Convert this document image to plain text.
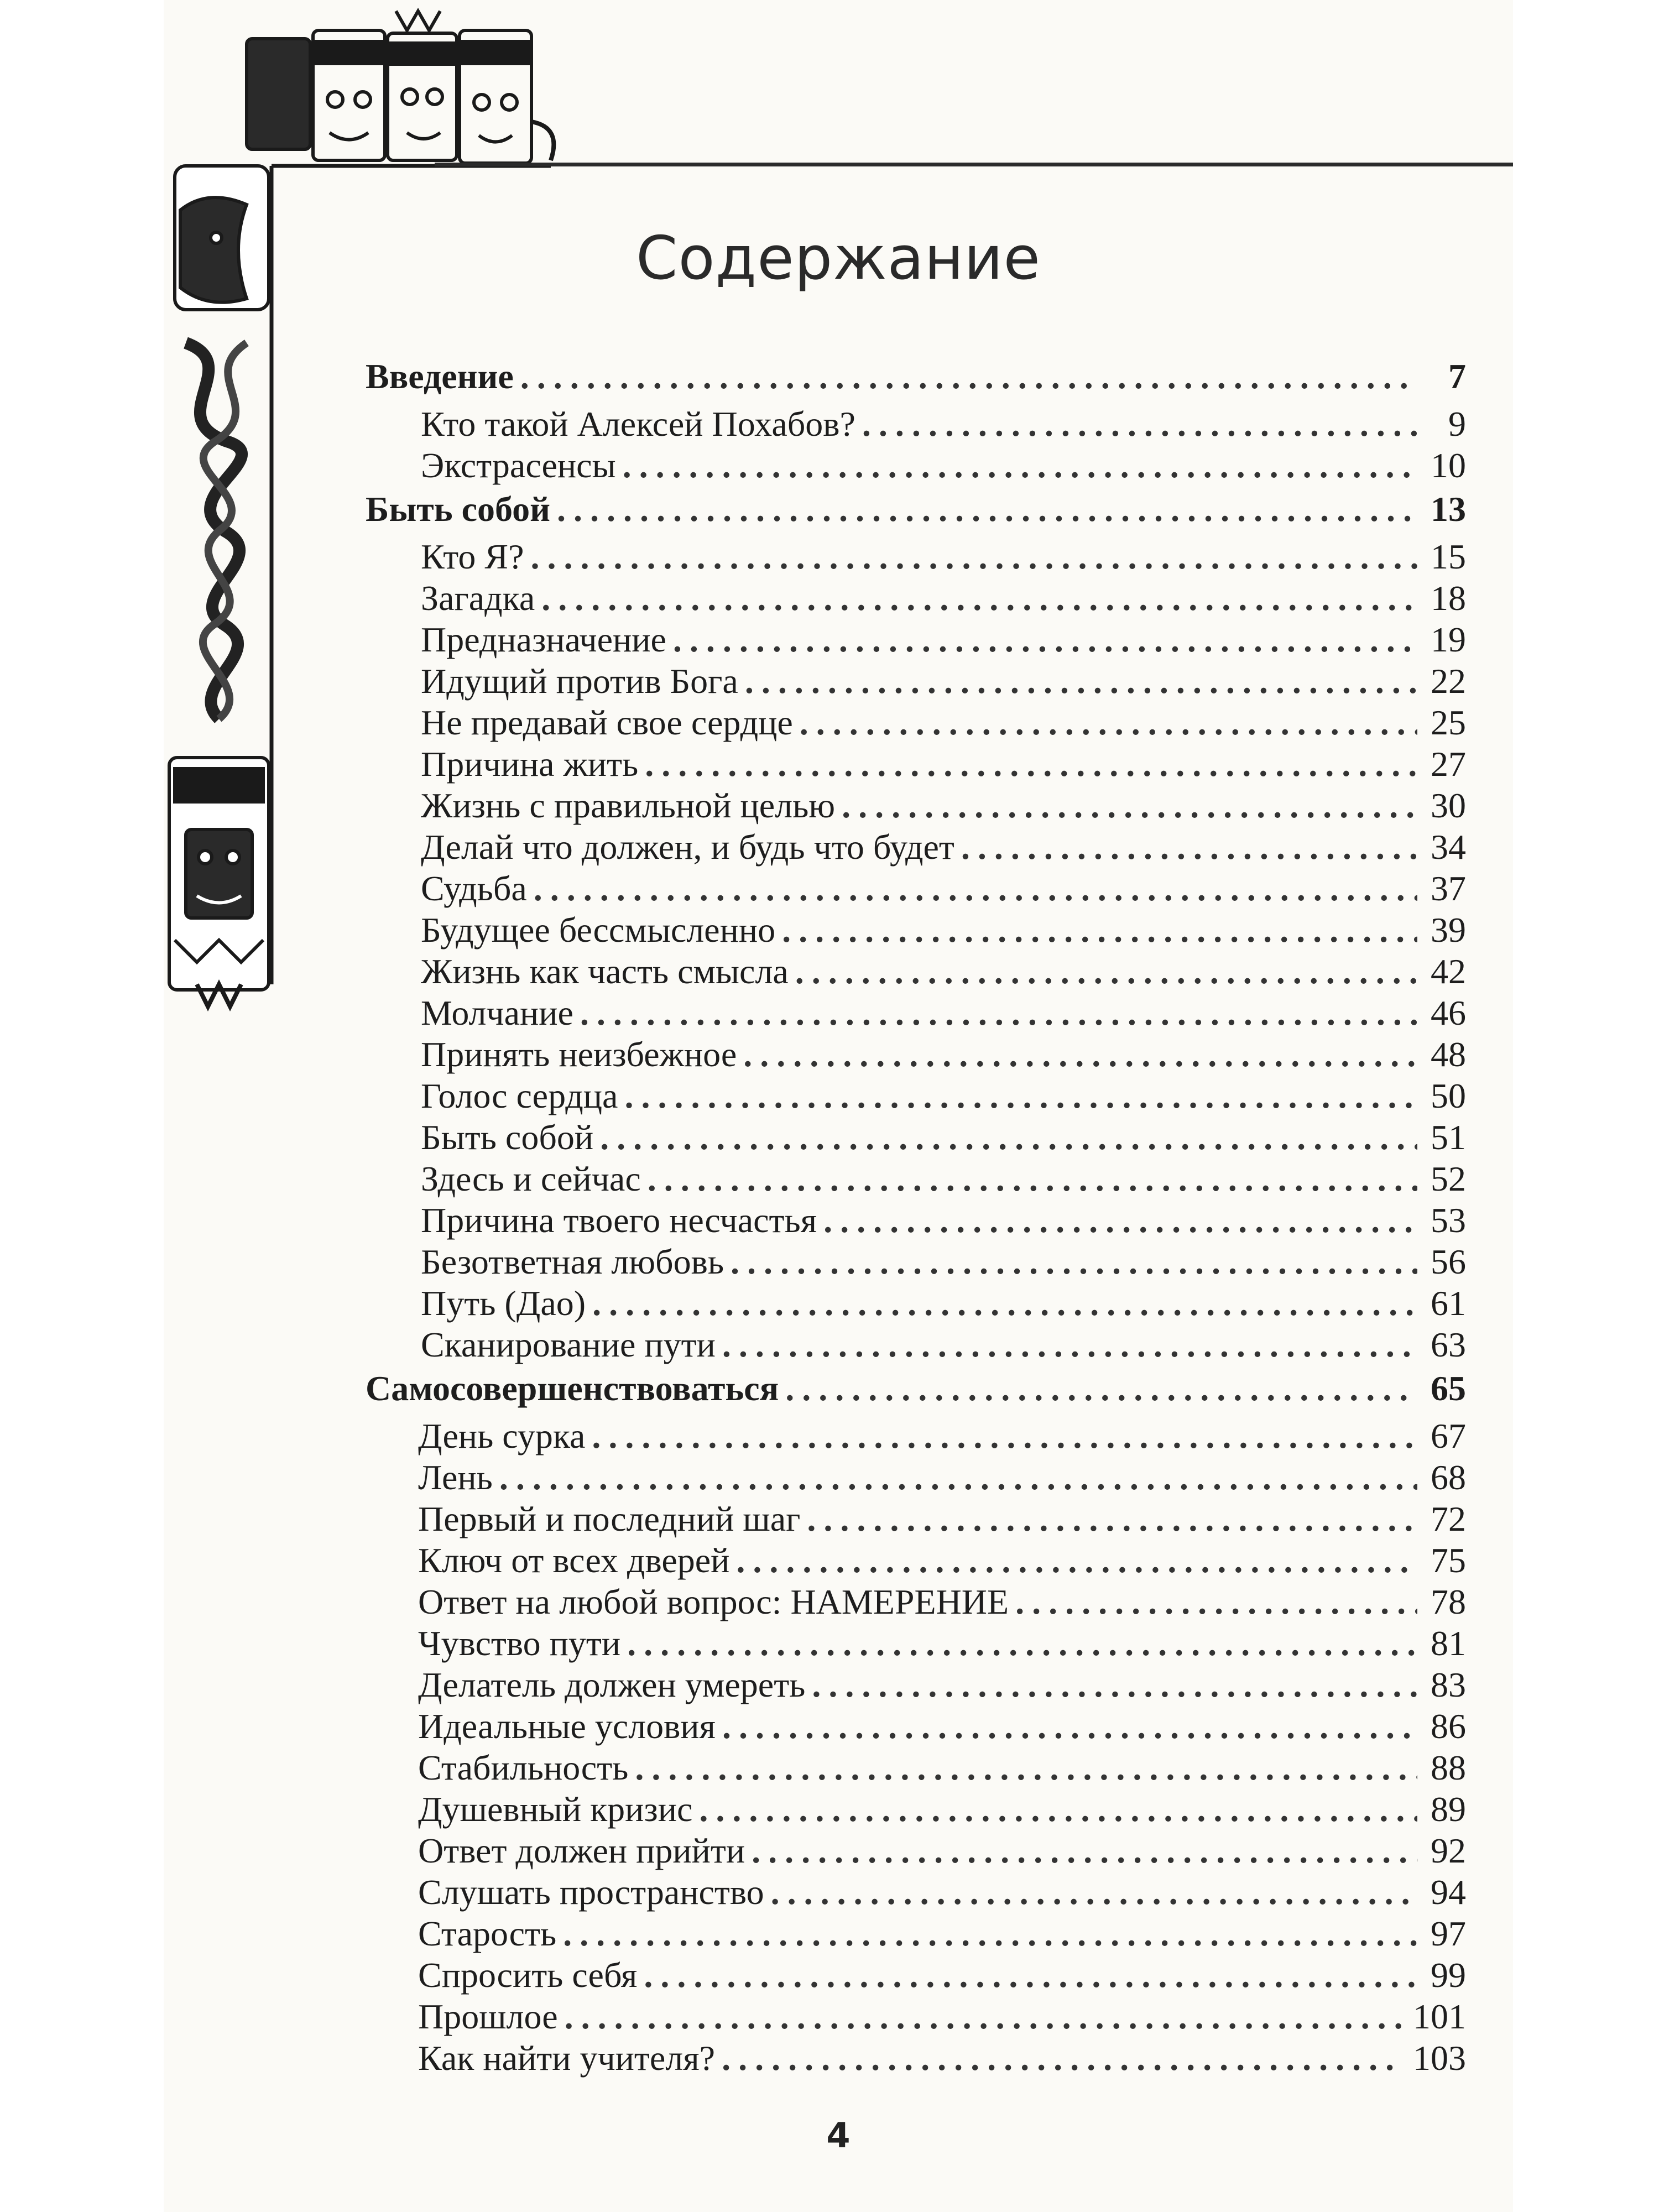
Содержание
Введение .....	7
Кто такой Алексей Похабов? .....	9
Экстрасенсы .....	10
Быть собой .....	13
Кто Я? .....	15
Загадка .....	18
Предназначение .....	19
Идущий против Бога .....	22
Не предавай свое сердце .....	25
Причина жить .....	27
Жизнь с правильной целью .....	30
Делай что должен, и будь что будет .....	34
Судьба .....	37
Будущее бессмысленно .....	39
Жизнь как часть смысла .....	42
Молчание .....	46
Принять неизбежное .....	48
Голос сердца .....	50
Быть собой .....	51
Здесь и сейчас .....	52
Причина твоего несчастья .....	53
Безответная любовь .....	56
Путь (Дао) .....	61
Сканирование пути .....	63
Самосовершенствоваться .....	65
День сурка .....	67
Лень .....	68
Первый и последний шаг .....	72
Ключ от всех дверей .....	75
Ответ на любой вопрос: НАМЕРЕНИЕ .....	78
Чувство пути .....	81
Делатель должен умереть .....	83
Идеальные условия .....	86
Стабильность .....	88
Душевный кризис .....	89
Ответ должен прийти .....	92
Слушать пространство .....	94
Старость .....	97
Спросить себя .....	99
Прошлое .....	101
Как найти учителя? .....	103
4
